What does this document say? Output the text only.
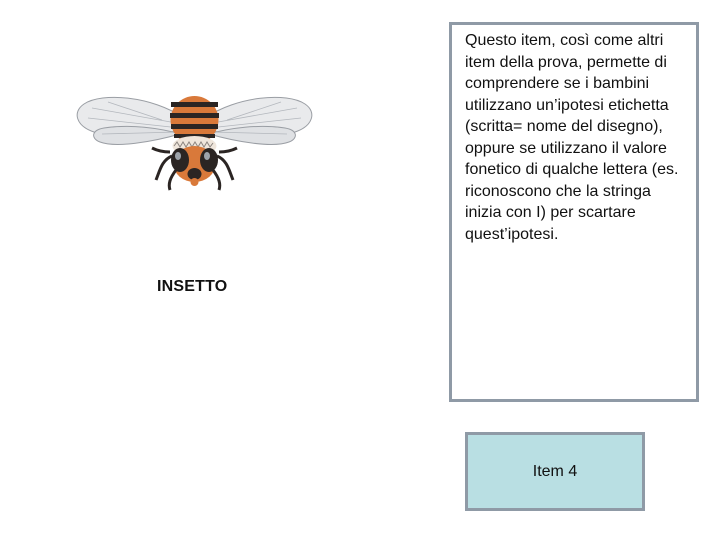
INSETTO
Questo item, così come altri item della prova, permette di comprendere se i bambini utilizzano un’ipotesi etichetta (scritta= nome del disegno), oppure se utilizzano il valore fonetico di qualche lettera (es. riconoscono che la stringa inizia con I) per scartare quest’ipotesi.
Item 4
